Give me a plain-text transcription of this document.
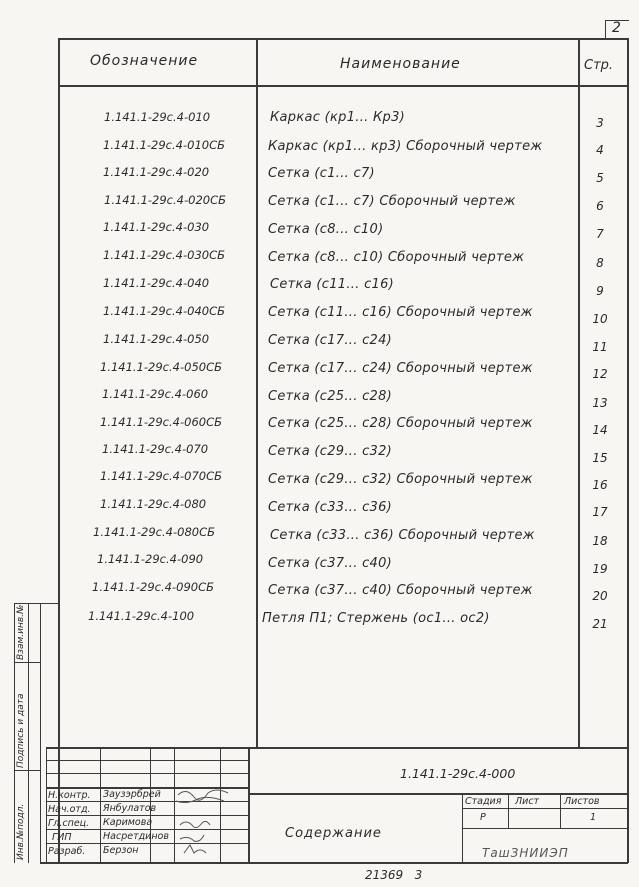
2
Обозначение	Наименование	Стр.
1.141.1-29с.4-010	Каркас (кр1... Кр3)	3
1.141.1-29с.4-010СБ	Каркас (кр1... кр3) Сборочный чертеж	4
1.141.1-29с.4-020	Сетка (с1... с7)	5
1.141.1-29с.4-020СБ	Сетка (с1... с7) Сборочный чертеж	6
1.141.1-29с.4-030	Сетка (с8... с10)	7
1.141.1-29с.4-030СБ	Сетка (с8... с10) Сборочный чертеж	8
1.141.1-29с.4-040	Сетка (с11... с16)	9
1.141.1-29с.4-040СБ	Сетка (с11... с16) Сборочный чертеж	10
1.141.1-29с.4-050	Сетка (с17... с24)	11
1.141.1-29с.4-050СБ	Сетка (с17... с24) Сборочный чертеж	12
1.141.1-29с.4-060	Сетка (с25... с28)	13
1.141.1-29с.4-060СБ	Сетка (с25... с28) Сборочный чертеж	14
1.141.1-29с.4-070	Сетка (с29... с32)	15
1.141.1-29с.4-070СБ	Сетка (с29... с32) Сборочный чертеж	16
1.141.1-29с.4-080	Сетка (с33... с36)	17
1.141.1-29с.4-080СБ	Сетка (с33... с36) Сборочный чертеж	18
1.141.1-29с.4-090	Сетка (с37... с40)	19
1.141.1-29с.4-090СБ	Сетка (с37... с40) Сборочный чертеж	20
1.141.1-29с.4-100	Петля П1; Стержень (ос1... ос2)	21
Инв.№подл.
Подпись и дата
Взам.инв.№
1.141.1-29с.4-000
Содержание
Стадия Лист	Листов
Р	1
ТашЗНИИЭП
Н.контр. Заузэрбрей
Нач.отд. Янбулатов
Гл.спец. Каримова
ГИП	Насретдинов
Разраб. Берзон
21369   3
